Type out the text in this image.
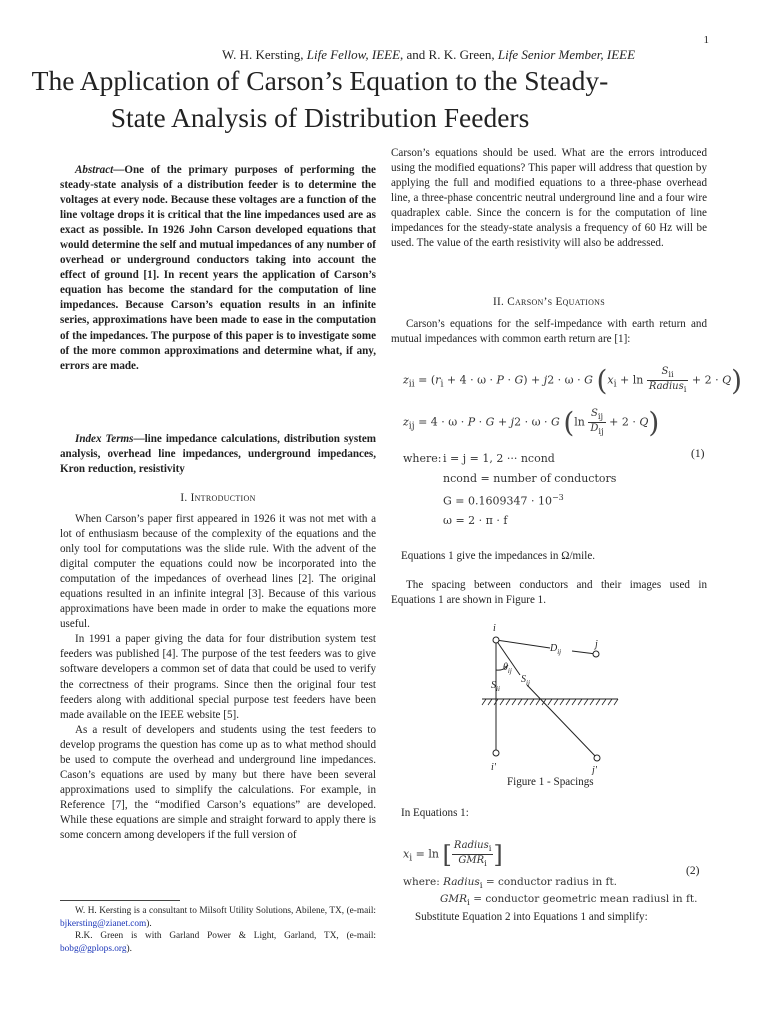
1
W. H. Kersting, Life Fellow, IEEE, and R. K. Green, Life Senior Member, IEEE
The Application of Carson’s Equation to the Steady-State Analysis of Distribution Feeders
Abstract—One of the primary purposes of performing the steady-state analysis of a distribution feeder is to determine the voltages at every node. Because these voltages are a function of the line voltage drops it is critical that the line impedances used are as exact as possible. In 1926 John Carson developed equations that would determine the self and mutual impedances of any number of overhead or underground conductors taking into account the effect of ground [1]. In recent years the application of Carson’s equation has become the standard for the computation of line impedances. Because Carson’s equation results in an infinite series, approximations have been made to ease in the computation of the impedances. The purpose of this paper is to investigate some of the more common approximations and determine what, if any, errors are made.
Index Terms—line impedance calculations, distribution system analysis, overhead line impedances, underground impedances, Kron reduction, resistivity
I. Introduction

When Carson’s paper first appeared in 1926 it was not met with a lot of enthusiasm because of the complexity of the equations and the only tool for computations was the slide rule. With the advent of the digital computer the equations could now be incorporated into the computation of the impedances of overhead lines [2]. The original equations resulted in an infinite integral [3]. Because of this various approximations have been made in order to make the equations more useful.

In 1991 a paper giving the data for four distribution system test feeders was published [4]. The purpose of the test feeders was to give software developers a common set of data that could be used to verify the correctness of their programs. Since then the original four test feeders along with additional special purpose test feeders have been made available on the IEEE website [5].

As a result of developers and students using the test feeders to develop programs the question has come up as to what method should be used to compute the overhead and underground line impedances. Cason’s equations are used by many but there have been several approximations used to simplify the calculations. For example, in Reference [7], the “modified Carson’s equations” are developed. While these equations are simple and straight forward to apply there is some concern among developers if the full version of

W. H. Kersting is a consultant to Milsoft Utility Solutions, Abilene, TX, (e-mail: bjkersting@zianet.com).

R.K. Green is with Garland Power & Light, Garland, TX, (e-mail: bobg@gplops.org).

Carson’s equations should be used. What are the errors introduced using the modified equations? This paper will address that question by applying the full and modified equations to a three-phase overhead line, a three-phase concentric neutral underground line and a four wire quadraplex cable. Since the concern is for the computation of line impedances for the steady-state analysis a frequency of 60 Hz will be used. The value of the earth resistivity will also be addressed.
II. Carson’s Equations
Carson’s equations for the self-impedance with earth return and mutual impedances with common earth return are [1]:
$z_{ii} = (r_i + 4 \cdot \omega \cdot P \cdot G) + j2 \cdot \omega \cdot G$ $(x_i + \ln \frac{S_{ii}}{Radius_i} + 2 \cdot Q)$
$z_{ij} = 4 \cdot \omega \cdot P \cdot G + j2 \cdot \omega \cdot G$ $(\ln \frac{S_{ij}}{D_{ij}} + 2 \cdot Q)$
(1)
where: i = j = 1, 2 ··· ncond
ncond = number of conductors
$G = 0.1609347 \cdot 10^{-3}$
ω = 2 · π · f
Equations 1 give the impedances in Ω/mile.
The spacing between conductors and their images used in Equations 1 are shown in Figure 1.
i
j
$D_{ij}$
$\theta_{ij}$
$S_{ii}$
$S_{ij}$
i'	j'
Figure 1 - Spacings
In Equations 1:
$x_i = \ln$ [ $\frac{Radius_i}{GMR_i}$ ]
(2)
where: Radius$_i$ = conductor radius in ft.
$GMR_i$ = conductor geometric mean radiusl in ft.
Substitute Equation 2 into Equations 1 and simplify:
